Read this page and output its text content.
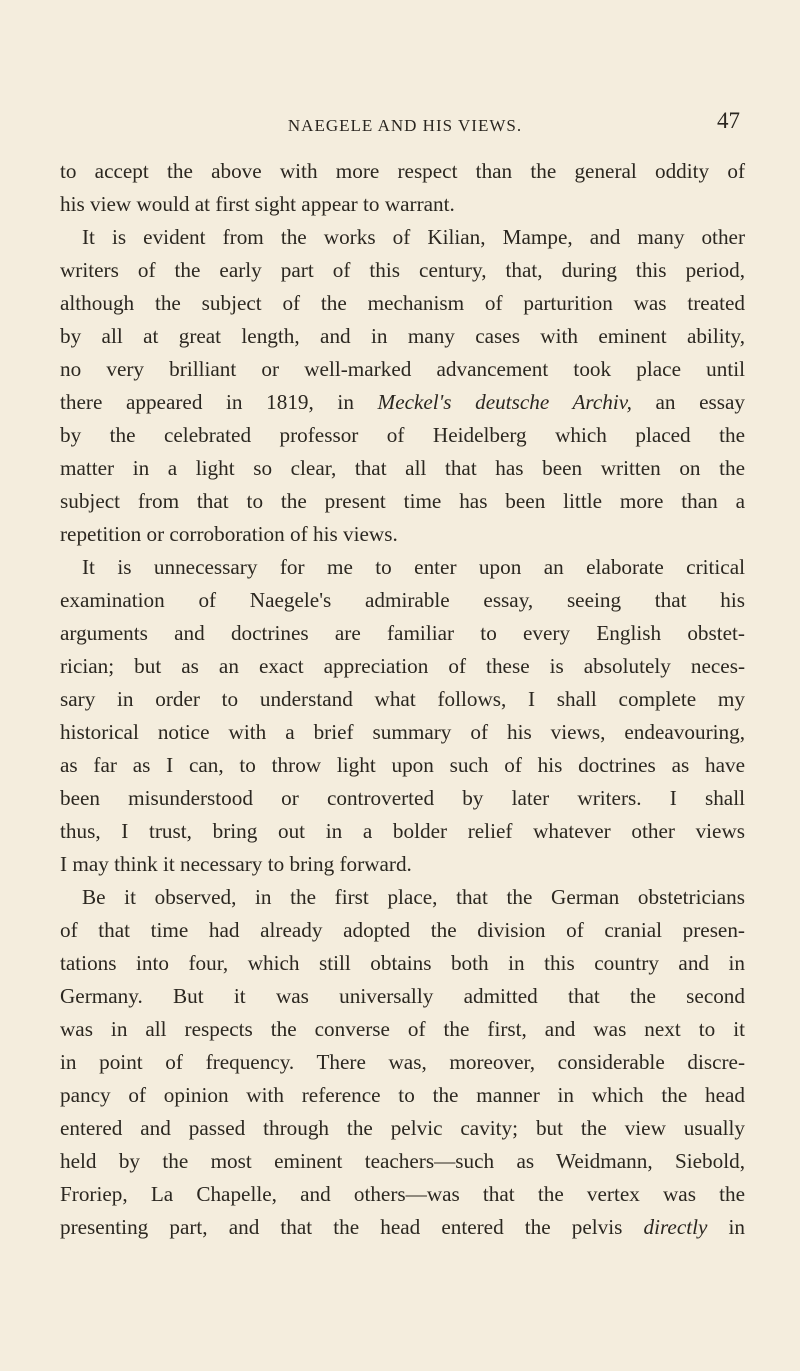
NAEGELE AND HIS VIEWS.	47

to accept the above with more respect than the general oddity of
his view would at first sight appear to warrant.

It is evident from the works of Kilian, Mampe, and many other
writers of the early part of this century, that, during this period,
although the subject of the mechanism of parturition was treated
by all at great length, and in many cases with eminent ability,
no very brilliant or well-marked advancement took place until
there appeared in 1819, in Meckel's deutsche Archiv, an essay
by the celebrated professor of Heidelberg which placed the
matter in a light so clear, that all that has been written on the
subject from that to the present time has been little more than a
repetition or corroboration of his views.

It is unnecessary for me to enter upon an elaborate critical
examination of Naegele's admirable essay, seeing that his
arguments and doctrines are familiar to every English obstet-
rician; but as an exact appreciation of these is absolutely neces-
sary in order to understand what follows, I shall complete my
historical notice with a brief summary of his views, endeavouring,
as far as I can, to throw light upon such of his doctrines as have
been misunderstood or controverted by later writers. I shall
thus, I trust, bring out in a bolder relief whatever other views
I may think it necessary to bring forward.

Be it observed, in the first place, that the German obstetricians
of that time had already adopted the division of cranial presen-
tations into four, which still obtains both in this country and in
Germany. But it was universally admitted that the second
was in all respects the converse of the first, and was next to it
in point of frequency. There was, moreover, considerable discre-
pancy of opinion with reference to the manner in which the head
entered and passed through the pelvic cavity; but the view usually
held by the most eminent teachers—such as Weidmann, Siebold,
Froriep, La Chapelle, and others—was that the vertex was the
presenting part, and that the head entered the pelvis directly in
